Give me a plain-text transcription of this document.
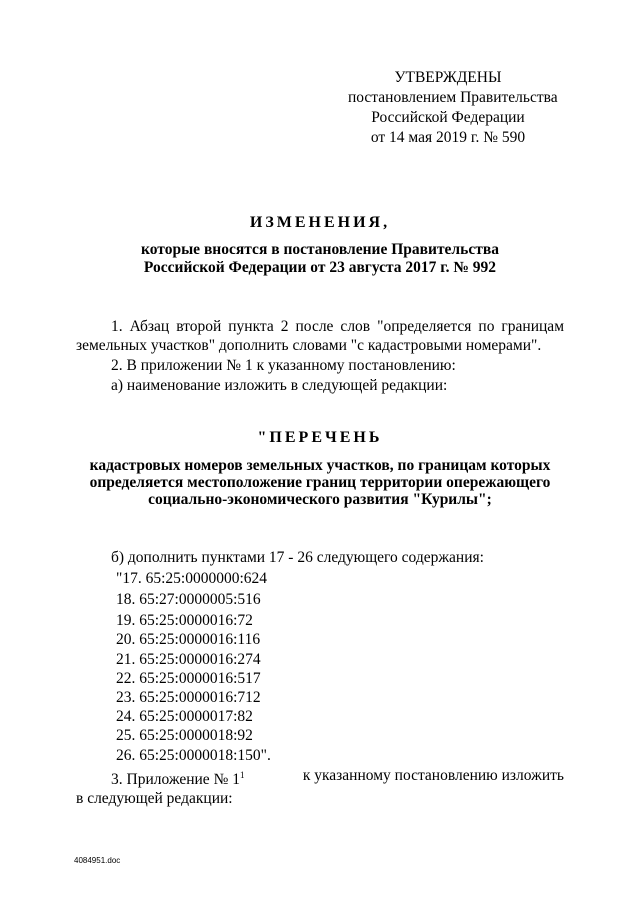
УТВЕРЖДЕНЫ
постановлением Правительства
Российской Федерации
от 14 мая 2019 г. № 590
ИЗМЕНЕНИЯ,
которые вносятся в постановление Правительства
Российской Федерации от 23 августа 2017 г. № 992
1. Абзац второй пункта 2 после слов "определяется по границам
земельных участков" дополнить словами "с кадастровыми номерами".
2. В приложении № 1 к указанному постановлению:
а) наименование изложить в следующей редакции:
"ПЕРЕЧЕНЬ
кадастровых номеров земельных участков, по границам которых
определяется местоположение границ территории опережающего
социально-экономического развития "Курилы";
б) дополнить пунктами 17 - 26 следующего содержания:
"17. 65:25:0000000:624
18. 65:27:0000005:516
19. 65:25:0000016:72
20. 65:25:0000016:116
21. 65:25:0000016:274
22. 65:25:0000016:517
23. 65:25:0000016:712
24. 65:25:0000017:82
25. 65:25:0000018:92
26. 65:25:0000018:150".
3. Приложение № $1^1$	к указанному постановлению изложить
в следующей редакции:
4084951.doc
